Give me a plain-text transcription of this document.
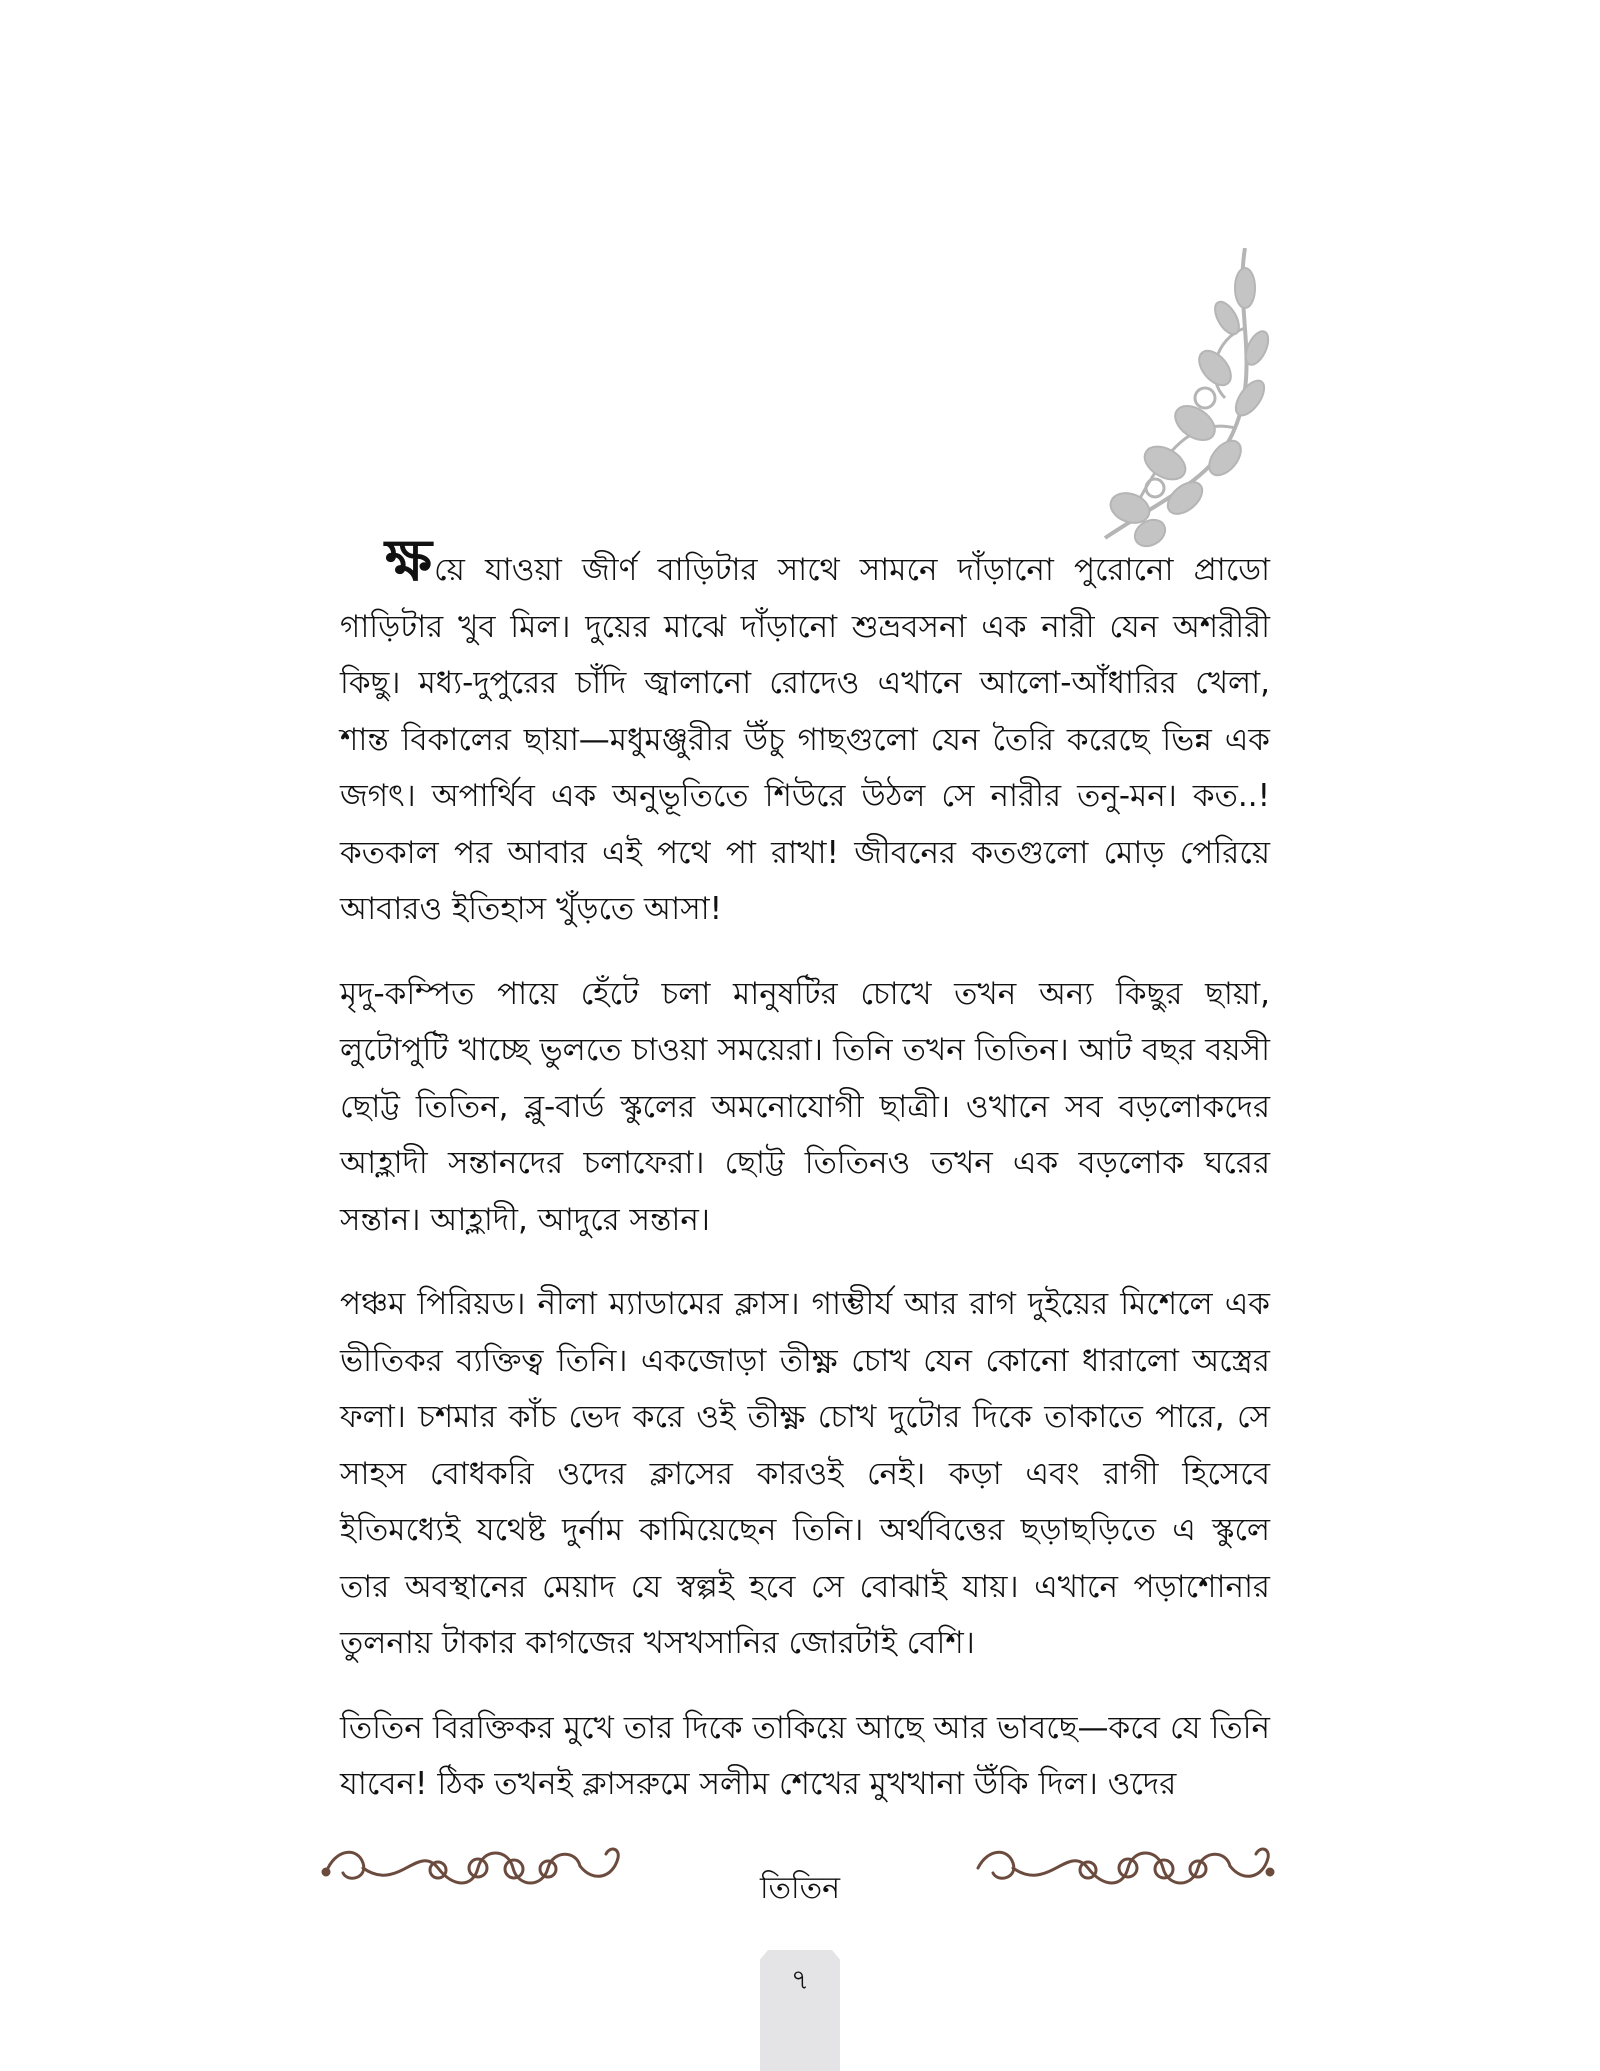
ক্ষয়ে যাওয়া জীর্ণ বাড়িটার সাথে সামনে দাঁড়ানো পুরোনো প্রাডো গাড়িটার খুব মিল। দুয়ের মাঝে দাঁড়ানো শুভ্রবসনা এক নারী যেন অশরীরী কিছু। মধ্য-দুপুরের চাঁদি জ্বালানো রোদেও এখানে আলো-আঁধারির খেলা, শান্ত বিকালের ছায়া—মধুমঞ্জুরীর উঁচু গাছগুলো যেন তৈরি করেছে ভিন্ন এক জগৎ। অপার্থিব এক অনুভূতিতে শিউরে উঠল সে নারীর তনু-মন। কত..! কতকাল পর আবার এই পথে পা রাখা! জীবনের কতগুলো মোড় পেরিয়ে আবারও ইতিহাস খুঁড়তে আসা!

মৃদু-কম্পিত পায়ে হেঁটে চলা মানুষটির চোখে তখন অন্য কিছুর ছায়া, লুটোপুটি খাচ্ছে ভুলতে চাওয়া সময়েরা। তিনি তখন তিতিন। আট বছর বয়সী ছোট্ট তিতিন, ব্লু-বার্ড স্কুলের অমনোযোগী ছাত্রী। ওখানে সব বড়লোকদের আহ্লাদী সন্তানদের চলাফেরা। ছোট্ট তিতিনও তখন এক বড়লোক ঘরের সন্তান। আহ্লাদী, আদুরে সন্তান।

পঞ্চম পিরিয়ড। নীলা ম্যাডামের ক্লাস। গাম্ভীর্য আর রাগ দুইয়ের মিশেলে এক ভীতিকর ব্যক্তিত্ব তিনি। একজোড়া তীক্ষ্ণ চোখ যেন কোনো ধারালো অস্ত্রের ফলা। চশমার কাঁচ ভেদ করে ওই তীক্ষ্ণ চোখ দুটোর দিকে তাকাতে পারে, সে সাহস বোধকরি ওদের ক্লাসের কারওই নেই। কড়া এবং রাগী হিসেবে ইতিমধ্যেই যথেষ্ট দুর্নাম কামিয়েছেন তিনি। অর্থবিত্তের ছড়াছড়িতে এ স্কুলে তার অবস্থানের মেয়াদ যে স্বল্পই হবে সে বোঝাই যায়। এখানে পড়াশোনার তুলনায় টাকার কাগজের খসখসানির জোরটাই বেশি।

তিতিন বিরক্তিকর মুখে তার দিকে তাকিয়ে আছে আর ভাবছে—কবে যে তিনি যাবেন! ঠিক তখনই ক্লাসরুমে সলীম শেখের মুখখানা উঁকি দিল। ওদের

তিতিন
৭
